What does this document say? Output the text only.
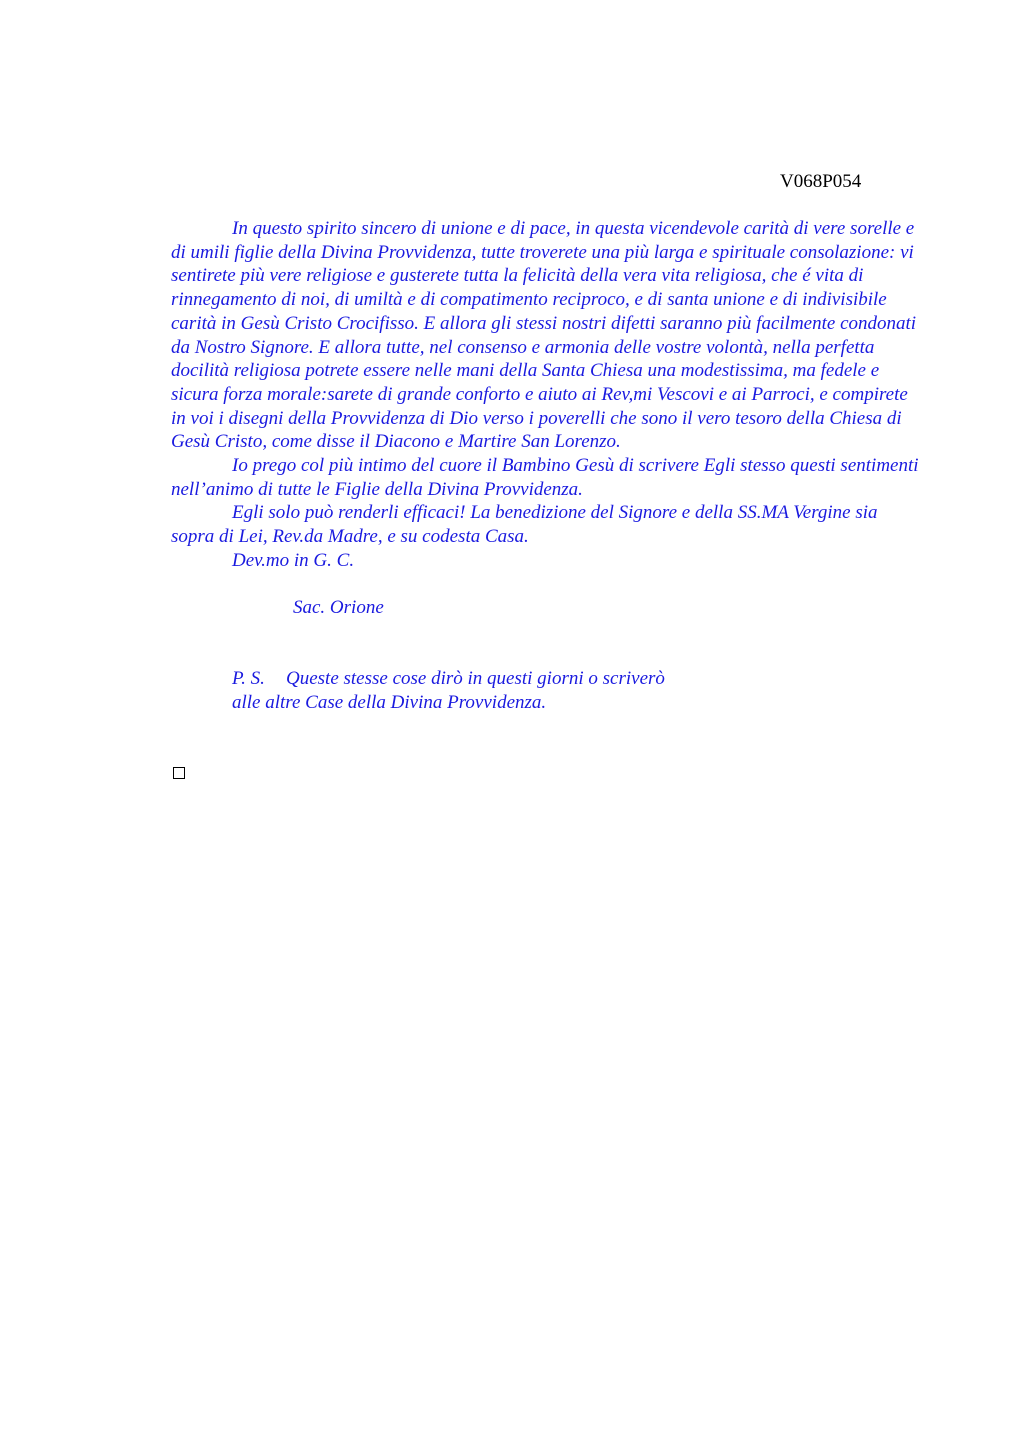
V068P054

In questo spirito sincero di unione e di pace, in questa vicendevole carità di vere sorelle e di umili figlie della Divina Provvidenza, tutte troverete una più larga e spirituale consolazione: vi sentirete più vere religiose e gusterete tutta la felicità della vera vita religiosa, che é vita di rinnegamento di noi, di umiltà e di compatimento reciproco, e di santa unione e di indivisibile carità in Gesù Cristo Crocifisso. E allora gli stessi nostri difetti saranno più facilmente condonati da Nostro Signore. E allora tutte, nel consenso e armonia delle vostre volontà, nella perfetta docilità religiosa potrete essere nelle mani della Santa Chiesa una modestissima, ma fedele e sicura forza morale:sarete di grande conforto e aiuto ai Rev,mi Vescovi e ai Parroci, e compirete in voi i disegni della Provvidenza di Dio verso i poverelli che sono il vero tesoro della Chiesa di Gesù Cristo, come disse il Diacono e Martire San Lorenzo.

Io prego col più intimo del cuore il Bambino Gesù di scrivere Egli stesso questi sentimenti nell’animo di tutte le Figlie della Divina Provvidenza.

Egli solo può renderli efficaci! La benedizione del Signore e della SS.MA Vergine sia sopra di Lei, Rev.da Madre, e su codesta Casa.

Dev.mo in G. C.

Sac. Orione

P. S. Queste stesse cose dirò in questi giorni o scriverò
alle altre Case della Divina Provvidenza.
